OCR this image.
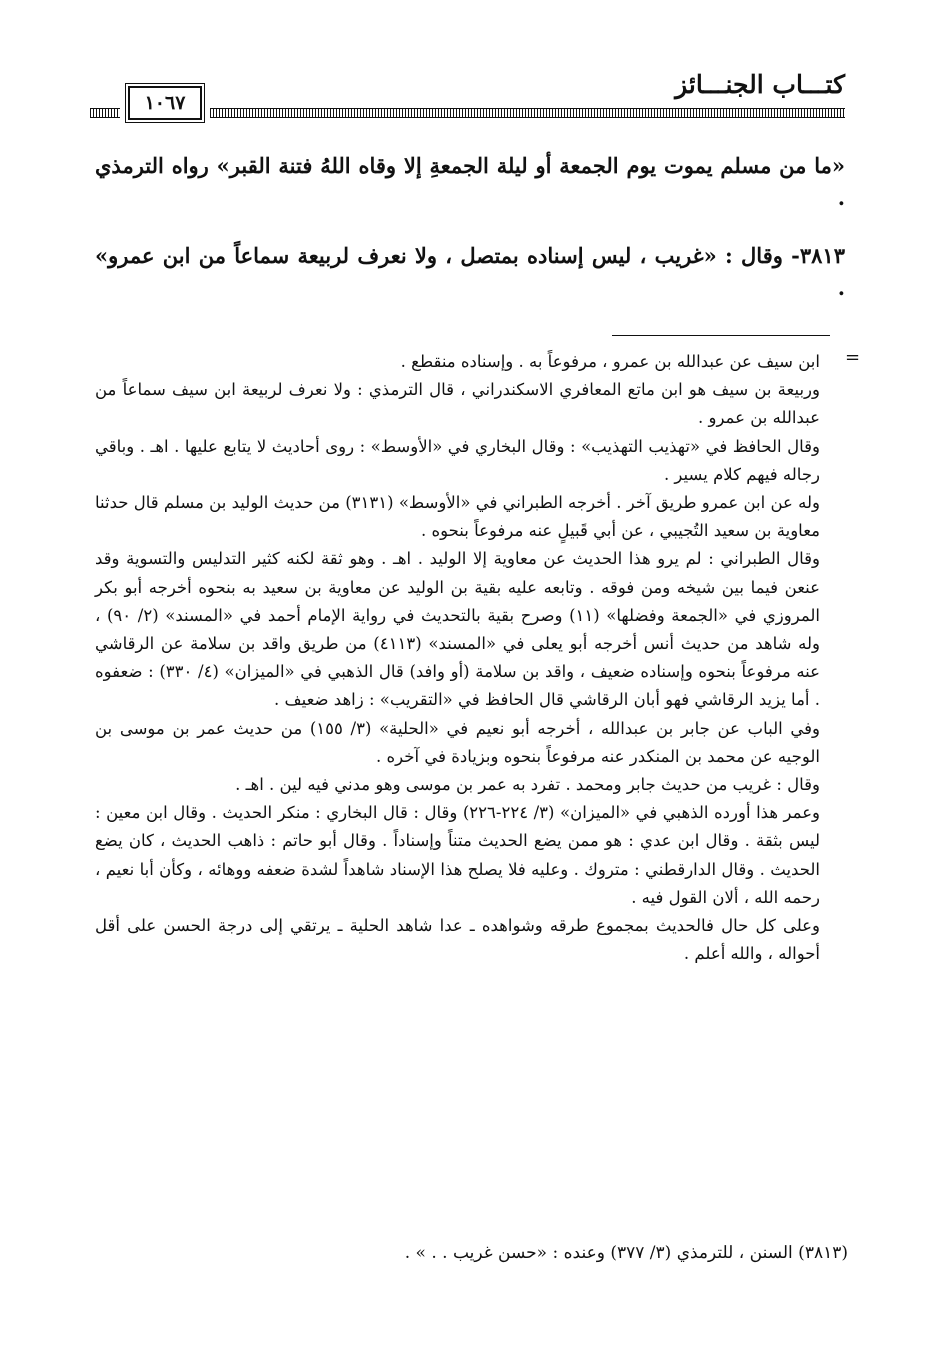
كتـــاب الجنـــائز
١٠٦٧

«ما من مسلم يموت يوم الجمعة أو ليلة الجمعةِ إلا وقاه اللهُ فتنة القبر» رواه الترمذي .

٣٨١٣- وقال : «غريب ، ليس إسناده بمتصل ، ولا نعرف لربيعة سماعاً من ابن عمرو» .

=

ابن سيف عن عبدالله بن عمرو ، مرفوعاً به . وإسناده منقطع .

وربيعة بن سيف هو ابن ماتع المعافري الاسكندراني ، قال الترمذي : ولا نعرف لربيعة ابن سيف سماعاً من عبدالله بن عمرو .

وقال الحافظ في «تهذيب التهذيب» : وقال البخاري في «الأوسط» : روى أحاديث لا يتابع عليها . اهـ . وباقي رجاله فيهم كلام يسير .

وله عن ابن عمرو طريق آخر . أخرجه الطبراني في «الأوسط» (٣١٣١) من حديث الوليد بن مسلم قال حدثنا معاوية بن سعيد التُجيبي ، عن أبي قَبيلٍ عنه مرفوعاً بنحوه .

وقال الطبراني : لم يرو هذا الحديث عن معاوية إلا الوليد . اهـ . وهو ثقة لكنه كثير التدليس والتسوية وقد عنعن فيما بين شيخه ومن فوقه . وتابعه عليه بقية بن الوليد عن معاوية بن سعيد به بنحوه أخرجه أبو بكر المروزي في «الجمعة وفضلها» (١١) وصرح بقية بالتحديث في رواية الإمام أحمد في «المسند» (٢/ ٩٠) ، وله شاهد من حديث أنس أخرجه أبو يعلى في «المسند» (٤١١٣) من طريق واقد بن سلامة عن الرقاشي عنه مرفوعاً بنحوه وإسناده ضعيف ، واقد بن سلامة (أو وافد) قال الذهبي في «الميزان» (٤/ ٣٣٠) : ضعفوه . أما يزيد الرقاشي فهو أبان الرقاشي قال الحافظ في «التقريب» : زاهد ضعيف .

وفي الباب عن جابر بن عبدالله ، أخرجه أبو نعيم في «الحلية» (٣/ ١٥٥) من حديث عمر بن موسى بن الوجيه عن محمد بن المنكدر عنه مرفوعاً بنحوه وبزيادة في آخره .

وقال : غريب من حديث جابر ومحمد . تفرد به عمر بن موسى وهو مدني فيه لين . اهـ .

وعمر هذا أورده الذهبي في «الميزان» (٣/ ٢٢٤-٢٢٦) وقال : قال البخاري : منكر الحديث . وقال ابن معين : ليس بثقة . وقال ابن عدي : هو ممن يضع الحديث متناً وإسناداً . وقال أبو حاتم : ذاهب الحديث ، كان يضع الحديث . وقال الدارقطني : متروك . وعليه فلا يصلح هذا الإسناد شاهداً لشدة ضعفه ووهائه ، وكأن أبا نعيم ، رحمه الله ، ألان القول فيه .

وعلى كل حال فالحديث بمجموع طرقه وشواهده ـ عدا شاهد الحلية ـ يرتقي إلى درجة الحسن على أقل أحواله ، والله أعلم .

(٣٨١٣) السنن ، للترمذي (٣/ ٣٧٧) وعنده : «حسن غريب . . » .
